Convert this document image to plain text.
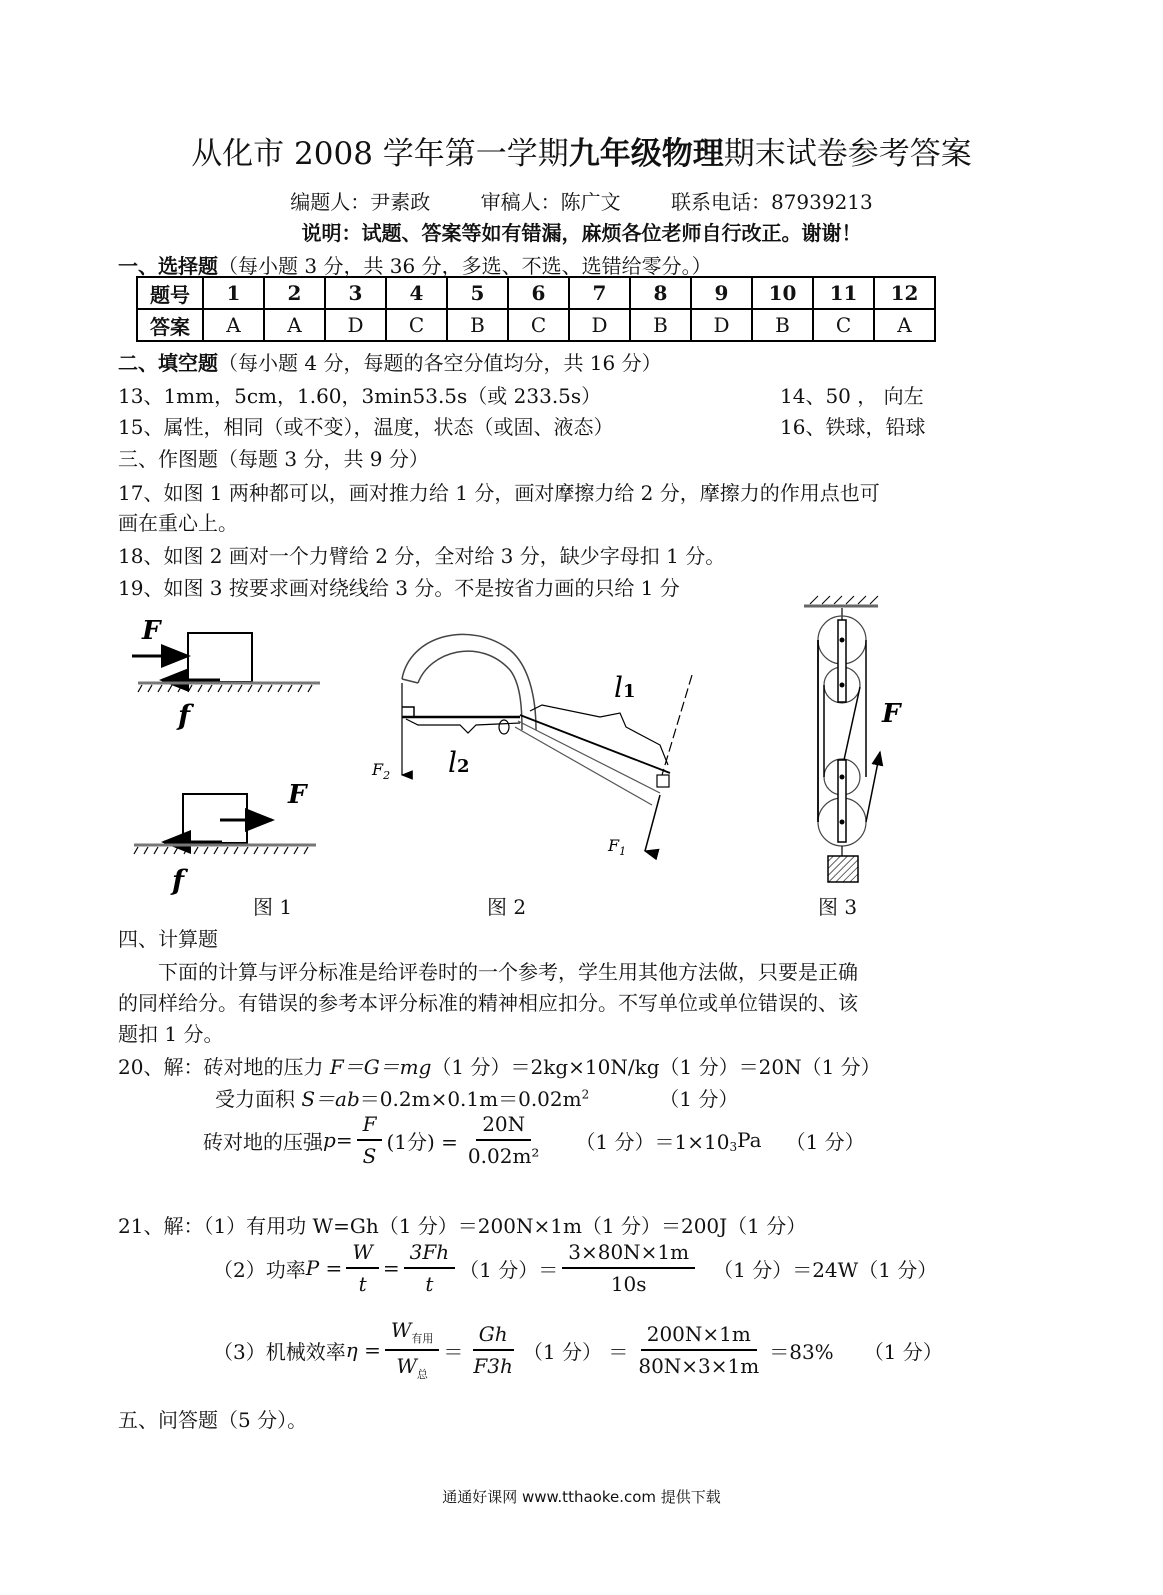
从化市 2008 学年第一学期九年级物理期末试卷参考答案
编题人：尹素政	审稿人：陈广文	联系电话：87939213
说明：试题、答案等如有错漏，麻烦各位老师自行改正。谢谢！
一、选择题（每小题 3 分，共 36 分，多选、不选、选错给零分。）
题号	1	2	3	4	5	6	7	8	9	10	11	12
答案	A	A	D	C	B	C	D	B	D	B	C	A
二、填空题（每小题 4 分，每题的各空分值均分，共 16 分）
13、1mm，5cm，1.60，3min53.5s（或 233.5s）	14、50 ， 向左
15、属性，相同（或不变），温度，状态（或固、液态）	16、铁球，铅球
三、作图题（每题 3 分，共 9 分）
17、如图 1 两种都可以，画对推力给 1 分，画对摩擦力给 2 分，摩擦力的作用点也可
画在重心上。
18、如图 2 画对一个力臂给 2 分，全对给 3 分，缺少字母扣 1 分。
19、如图 3 按要求画对绕线给 3 分。不是按省力画的只给 1 分
F
f
F
f
$F_2$ l2
l1
$F_1$
O
F
图 1	图 2	图 3
四、计算题
下面的计算与评分标准是给评卷时的一个参考，学生用其他方法做，只要是正确
的同样给分。有错误的参考本评分标准的精神相应扣分。不写单位或单位错误的、该
题扣 1 分。
20、解：砖对地的压力 F＝G＝mg（1 分）＝2kg×10N/kg（1 分）＝20N（1 分）
受力面积 $S=ab=0.2m\times 0.1m=0.02m^2$	（1 分）
砖对地的压强 $p = \frac{F}{S} (1$分) = $\frac{20N}{\text{0.02m²}} (1$ 分）$=1\times 10_3$ Pa （1 分）
21、解：（1）有用功 W=Gh（1 分）＝200N×1m（1 分）＝200J（1 分）
（2）功率 $P = \frac{W}{t} = \frac{3Fh}{t} (1$ 分）＝ $\frac{3\times 80N\times 1m}{10s} (1$ 分）＝24W（1 分）
（3）机械效率 $\eta = \frac{W_{有用}}{W_总} = \frac{Gh}{F3h} (1$ 分） ＝ $\frac{200N\times 1m}{80N\times 3\times 1m} =83\%$ （1 分）
五、问答题（5 分）。
通通好课网 www.tthaoke.com 提供下载
